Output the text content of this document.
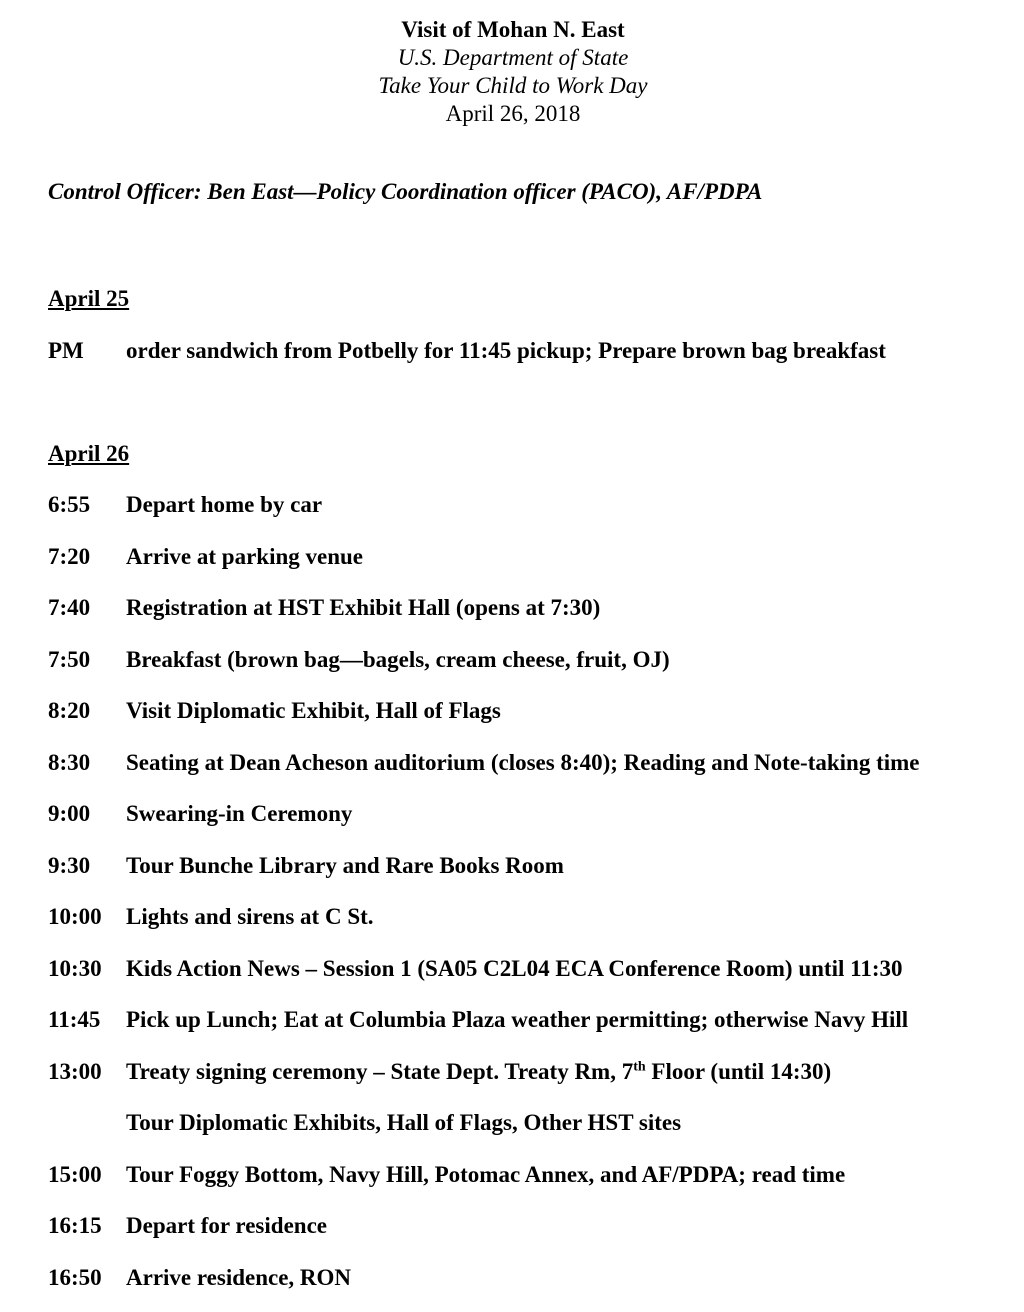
Visit of Mohan N. East
U.S. Department of State
Take Your Child to Work Day
April 26, 2018

Control Officer: Ben East—Policy Coordination officer (PACO), AF/PDPA

April 25
PM	order sandwich from Potbelly for 11:45 pickup; Prepare brown bag breakfast
April 26
6:55	Depart home by car
7:20	Arrive at parking venue
7:40	Registration at HST Exhibit Hall (opens at 7:30)
7:50	Breakfast (brown bag—bagels, cream cheese, fruit, OJ)
8:20	Visit Diplomatic Exhibit, Hall of Flags
8:30	Seating at Dean Acheson auditorium (closes 8:40); Reading and Note-taking time
9:00	Swearing-in Ceremony
9:30	Tour Bunche Library and Rare Books Room
10:00	Lights and sirens at C St.
10:30	Kids Action News – Session 1 (SA05 C2L04 ECA Conference Room) until 11:30
11:45	Pick up Lunch; Eat at Columbia Plaza weather permitting; otherwise Navy Hill
13:00	Treaty signing ceremony – State Dept. Treaty Rm, 7th Floor (until 14:30)
Tour Diplomatic Exhibits, Hall of Flags, Other HST sites
15:00	Tour Foggy Bottom, Navy Hill, Potomac Annex, and AF/PDPA; read time
16:15	Depart for residence
16:50	Arrive residence, RON
